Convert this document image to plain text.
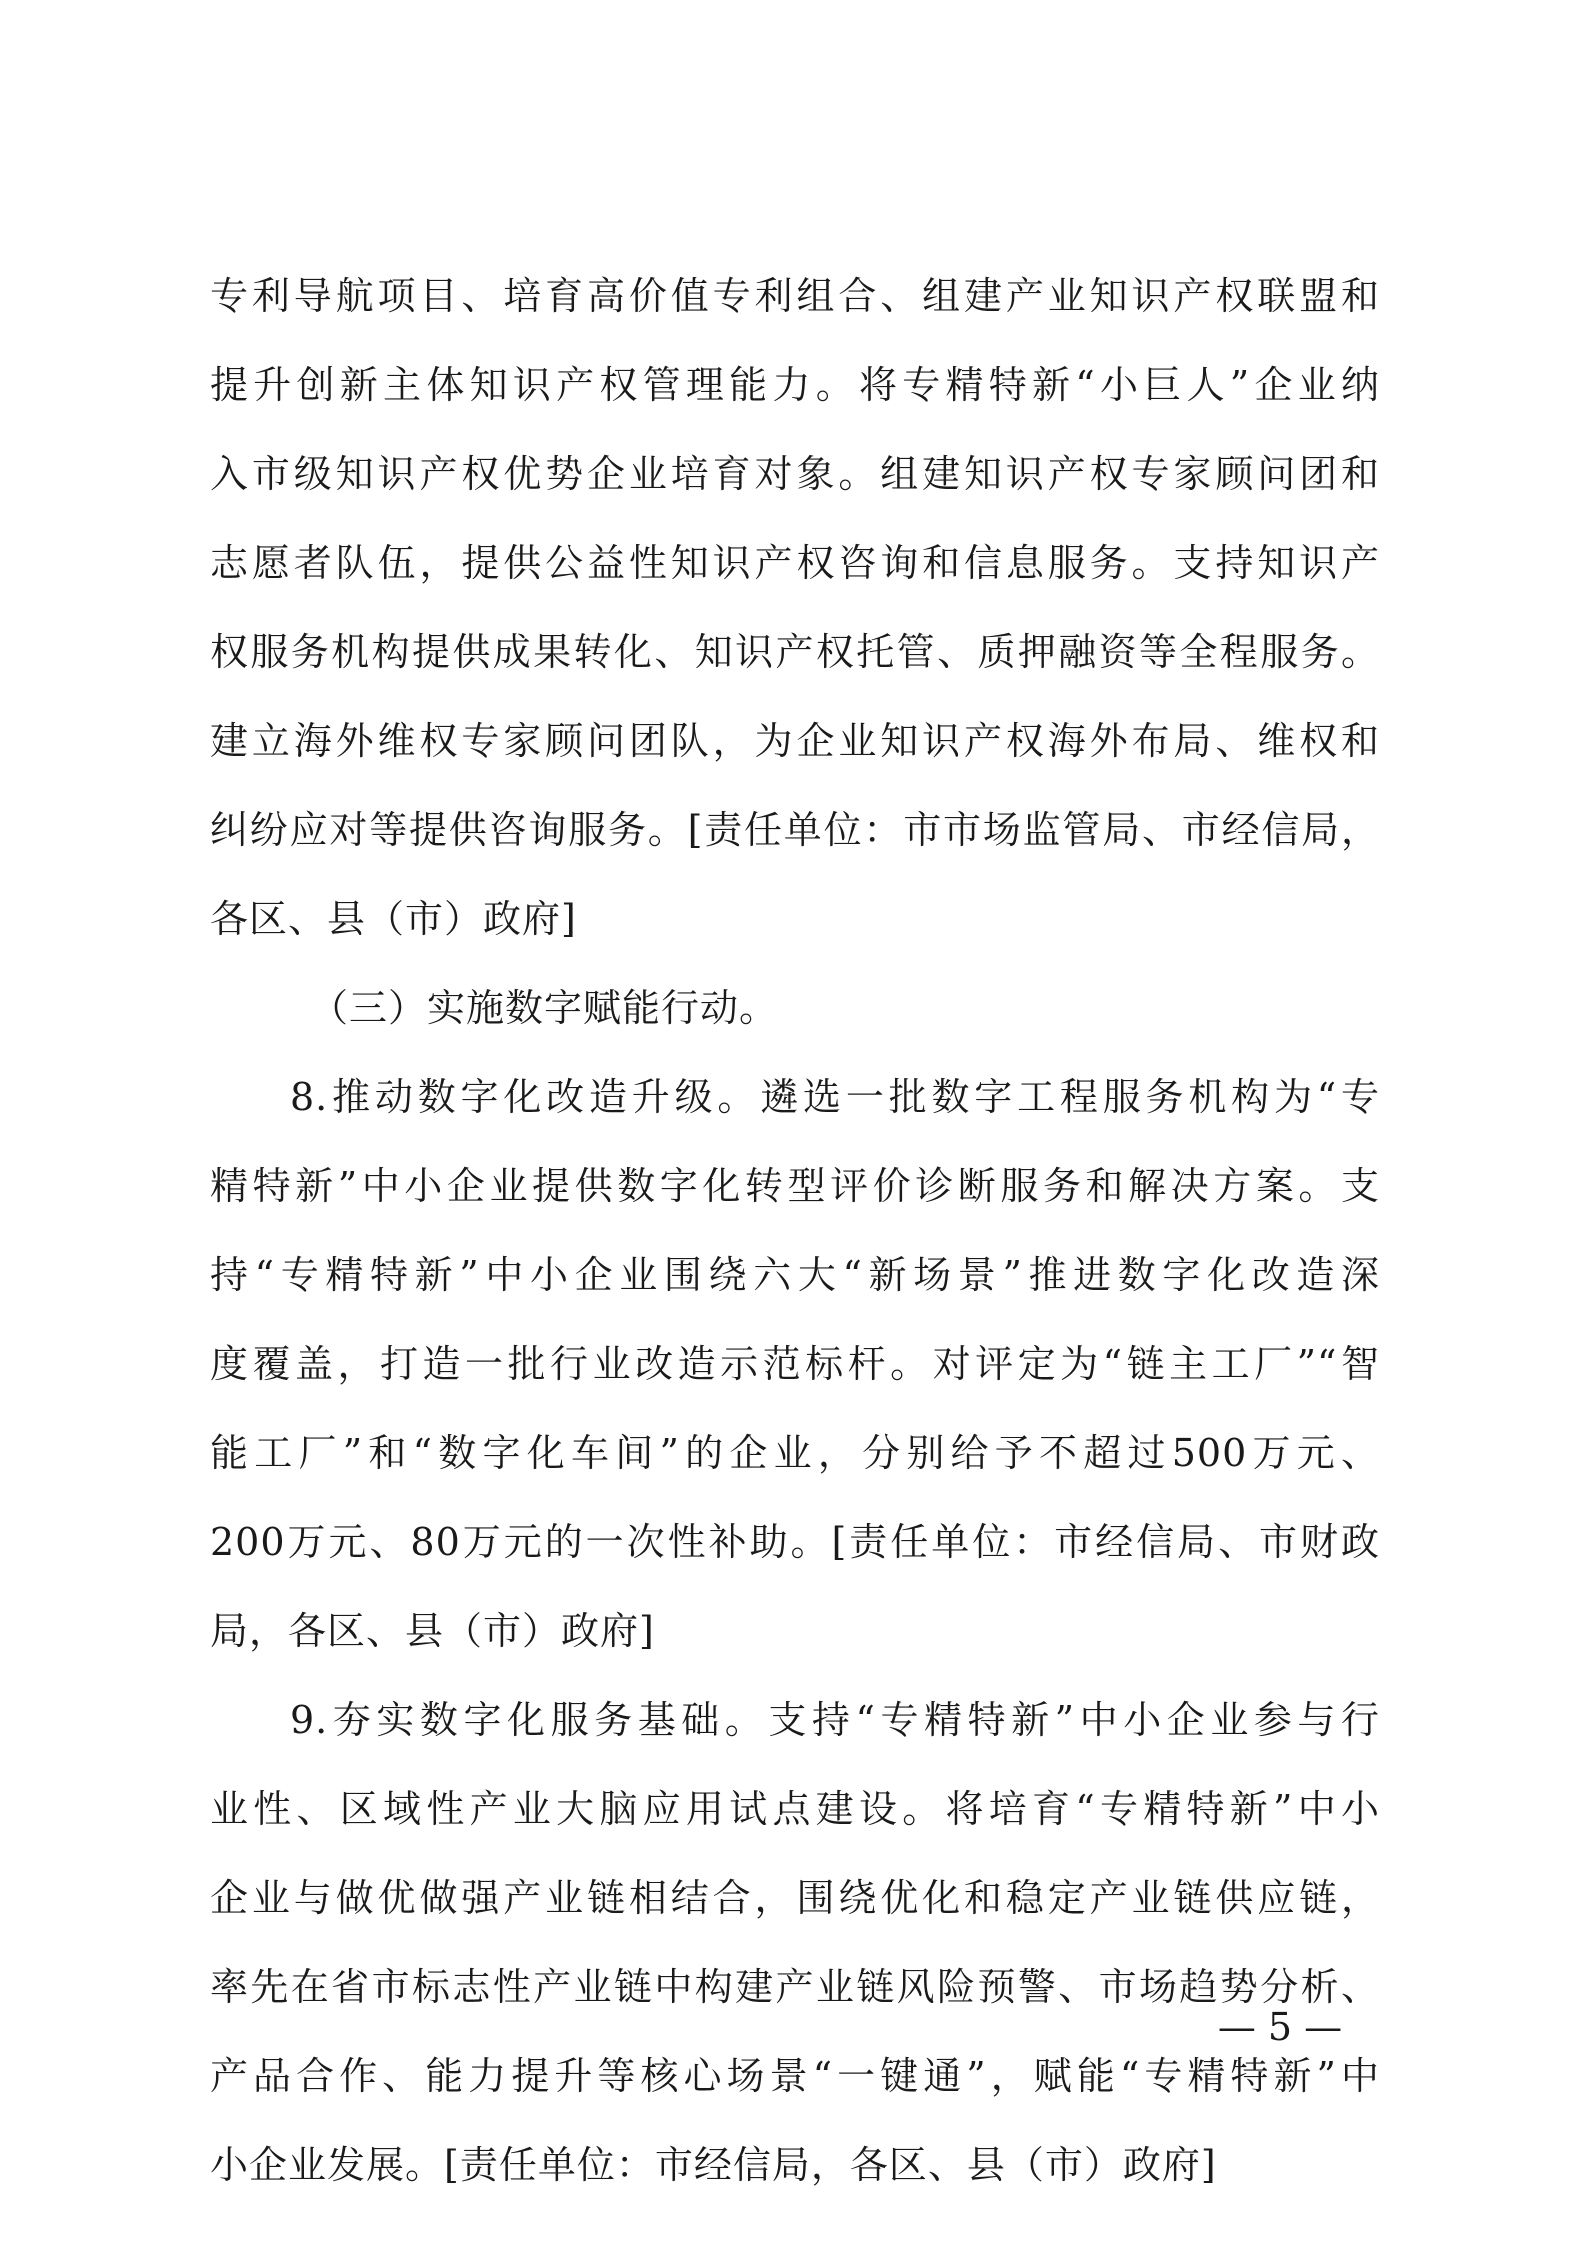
专利导航项目、培育高价值专利组合、组建产业知识产权联盟和
提升创新主体知识产权管理能力。将专精特新“小巨人”企业纳
入市级知识产权优势企业培育对象。组建知识产权专家顾问团和
志愿者队伍，提供公益性知识产权咨询和信息服务。支持知识产
权服务机构提供成果转化、知识产权托管、质押融资等全程服务。
建立海外维权专家顾问团队，为企业知识产权海外布局、维权和
纠纷应对等提供咨询服务。[责任单位：市市场监管局、市经信局，
各区、县（市）政府]
（三）实施数字赋能行动。
8.推动数字化改造升级。遴选一批数字工程服务机构为“专
精特新”中小企业提供数字化转型评价诊断服务和解决方案。支
持“专精特新”中小企业围绕六大“新场景”推进数字化改造深
度覆盖，打造一批行业改造示范标杆。对评定为“链主工厂”“智
能工厂”和“数字化车间”的企业，分别给予不超过500万元、
200万元、80万元的一次性补助。[责任单位：市经信局、市财政
局，各区、县（市）政府]
9.夯实数字化服务基础。支持“专精特新”中小企业参与行
业性、区域性产业大脑应用试点建设。将培育“专精特新”中小
企业与做优做强产业链相结合，围绕优化和稳定产业链供应链，
率先在省市标志性产业链中构建产业链风险预警、市场趋势分析、
产品合作、能力提升等核心场景“一键通”，赋能“专精特新”中
小企业发展。[责任单位：市经信局，各区、县（市）政府]
— 5 —
